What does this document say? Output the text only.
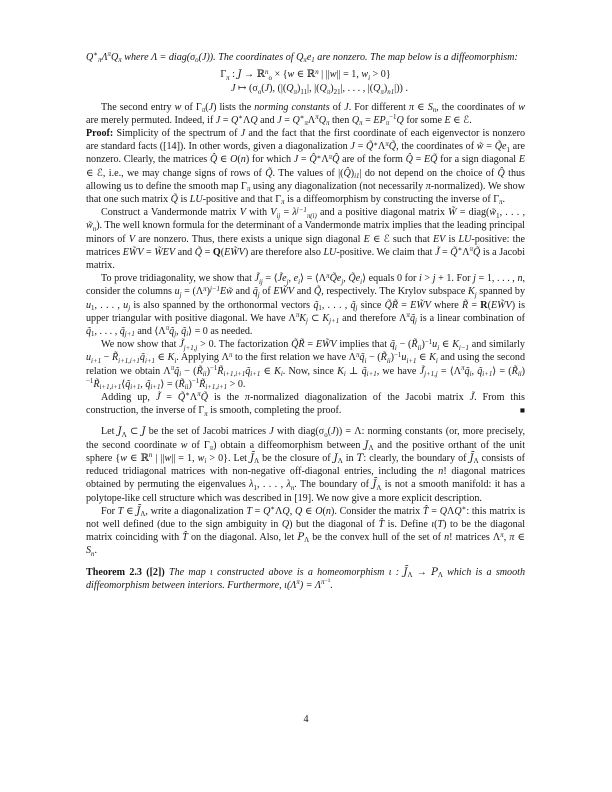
$Q^∗_\pi\Lambda^\pi Q_\pi$ where $\Lambda = diag(\sigma_o(J))$. The coordinates of $Q_\pi e_1$ are nonzero. The map below is a diffeomorphism:

$\Gamma_\pi$ : J → ℝ$^n_o$ × {w ∈ ℝ$^n$ | ||w|| = 1, $w_i > 0$}
J ↦ ($\sigma_o(J)$, ($|(Q_\pi)_{11}|$, $|(Q_\pi)_{21}|$, . . . , $|(Q_\pi)_{n1}|$)) .

The second entry w of $\Gamma_\pi(J)$ lists the norming constants of J. For different π ∈ $S_n$, the coordinates of w are merely permuted. Indeed, if J = Q∗ΛQ and $J = Q^∗_\pi\Lambda^\pi Q_\pi$ then $Q_\pi = EP_\pi^{-1}Q$ for some E ∈ ℰ.

Proof: Simplicity of the spectrum of J and the fact that the first coordinate of each eigenvector is nonzero are standard facts ([14]). In other words, given a diagonalization $J = Q̃^∗\Lambda^\pi Q̃$, the coordinates of w̃ = $Q̃e_1$ are nonzero. Clearly, the matrices Q̂ ∈ O(n) for which $J = Q̂^∗\Lambda^\pi Q̂$ are of the form Q̂ = EQ̃ for a sign diagonal E ∈ ℰ, i.e., we may change signs of rows of Q̃. The values of $|(Q̂)_{i1}|$ do not depend on the choice of Q̂ thus allowing us to define the smooth map $\Gamma_\pi$ using any diagonalization (not necessarily π-normalized). We show that one such matrix Q̃ is LU-positive and that $\Gamma_\pi$ is a diffeomorphism by constructing the inverse of $\Gamma_\pi$.

Construct a Vandermonde matrix V with $V_{ij} = \lambda^{j-1}_{\pi(i)}$ and a positive diagonal matrix W̃ = $diag(w̃_1$, . . . , $w̃_n$). The well known formula for the determinant of a Vandermonde matrix implies that the leading principal minors of V are nonzero. Thus, there exists a unique sign diagonal E ∈ ℰ such that EV is LU-positive: the matrices EW̃V = W̃EV and Q̃ = Q(EW̃V) are therefore also LU-positive. We claim that J̃ = $Q̃^∗\Lambda^\pi Q̃$ is a Jacobi matrix.

To prove tridiagonality, we show that $J̃_{ij}$ = $⟨J̃e_j$, $e_i⟩$ = $⟨\Lambda^\pi Q̃e_j$, $Q̃e_i⟩$ equals 0 for i > j + 1. For j = 1, . . . , n, consider the columns $u_j$ = $(\Lambda^\pi)^{j-1}Ew̃$ and $q̃_j$ of EW̃V and Q̃, respectively. The Krylov subspace $K_j$ spanned by $u_1$, . . . , $u_j$ is also spanned by the orthonormal vectors $q̃_1$, . . . , $q̃_j$ since Q̃R̃ = EW̃V where R̃ = R(EW̃V) is upper triangular with positive diagonal. We have $\Lambda^\pi K_j$ ⊂ $K_{j+1}$ and therefore $\Lambda^\pi q̃_j$ is a linear combination of $q̃_1$, . . . , $q̃_{j+1}$ and $⟨\Lambda^\pi q̃_j$, $q̃_i⟩ = 0$ as needed.

We now show that $J̃_{j+1,j} > 0$. The factorization Q̃R̃ = EW̃V implies that $q̃_i$ − $(R̃_{ii})^{-1}u_i$ ∈ $K_{i-1}$ and similarly $u_{i+1}$ − $R̃_{i+1,i+1}q̃_{i+1}$ ∈ $K_i$. Applying $\Lambda^\pi$ to the first relation we have $\Lambda^\pi q̃_i$ − $(R̃_{ii})^{-1}u_{i+1}$ ∈ $K_i$ and using the second relation we obtain $\Lambda^\pi q̃_i$ − $(R̃_{ii})^{-1}R̃_{i+1,i+1}q̃_{i+1}$ ∈ $K_i$. Now, since $K_i$ ⊥ $q̃_{i+1}$, we have $J̃_{j+1,j}$ = $⟨\Lambda^\pi q̃_i$, $q̃_{i+1}⟩$ = $(R̃_{ii})^{-1}R̃_{i+1,i+1}⟨q̃_{i+1}$, $q̃_{i+1}⟩$ = $(R̃_{ii})^{-1}R̃_{i+1,i+1} > 0$.

Adding up, J̃ = $Q̃^∗\Lambda^\pi Q̃$ is the π-normalized diagonalization of the Jacobi matrix J̃. From this construction, the inverse of $\Gamma_\pi$ is smooth, completing the proof.	■

Let $J_\Lambda$ ⊂ J be the set of Jacobi matrices J with $diag(\sigma_o(J)) = \Lambda$: norming constants (or, more precisely, the second coordinate w of $\Gamma_\pi$) obtain a diffeomorphism between $J_\Lambda$ and the positive orthant of the unit sphere {w ∈ ℝ$^n$ | ||w|| = 1, $w_i > 0$}. Let $J̄_\Lambda$ be the closure of $J_\Lambda$ in T: clearly, the boundary of $J̄_\Lambda$ consists of reduced tridiagonal matrices with non-negative off-diagonal entries, including the n! diagonal matrices obtained by permuting the eigenvalues $\lambda_1$, . . . , $\lambda_n$. The boundary of $J̄_\Lambda$ is not a smooth manifold: it has a polytope-like cell structure which was described in [19]. We now give a more explicit description.

For T ∈ $J̄_\Lambda$, write a diagonalization T = Q∗ΛQ, Q ∈ O(n). Consider the matrix T̂ = QΛQ∗: this matrix is not well defined (due to the sign ambiguity in Q) but the diagonal of T̂ is. Define ι(T) to be the diagonal matrix coinciding with T̂ on the diagonal. Also, let $P_\Lambda$ be the convex hull of the set of n! matrices $\Lambda^\pi$, π ∈ $S_n$.

Theorem 2.3 ([2]) The map ι constructed above is a homeomorphism ι : $J̄_\Lambda \to P_\Lambda$ which is a smooth diffeomorphism between interiors. Furthermore, $\iota(\Lambda^\pi) = \Lambda^{\pi-1}$.

4
